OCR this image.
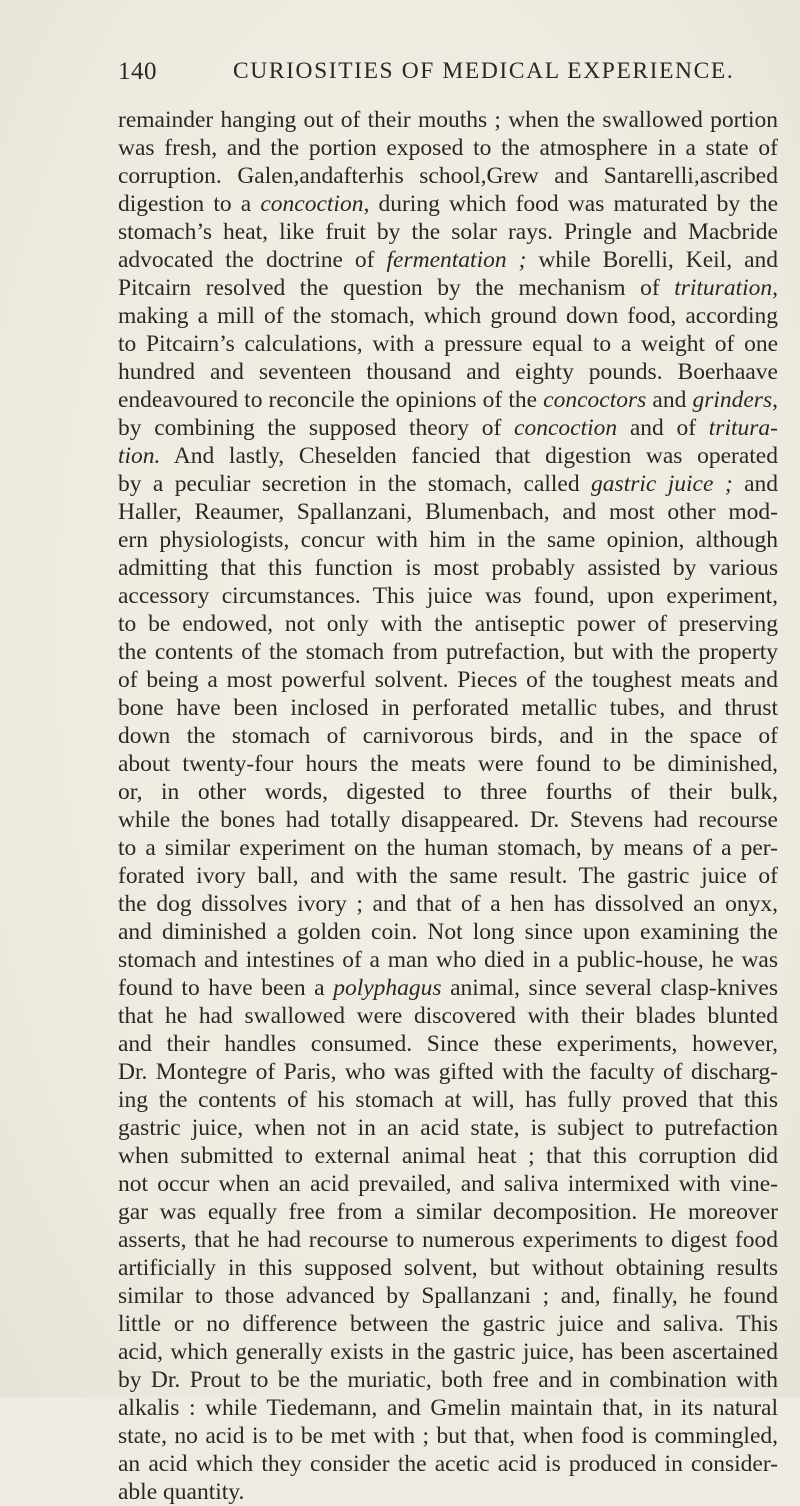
140	CURIOSITIES OF MEDICAL EXPERIENCE.
remainder hanging out of their mouths ; when the swallowed portion
was fresh, and the portion exposed to the atmosphere in a state of
corruption. Galen,andafterhis school,Grew and Santarelli,ascribed
digestion to a concoction, during which food was maturated by the
stomach’s heat, like fruit by the solar rays. Pringle and Macbride
advocated the doctrine of fermentation ; while Borelli, Keil, and
Pitcairn resolved the question by the mechanism of trituration,
making a mill of the stomach, which ground down food, according
to Pitcairn’s calculations, with a pressure equal to a weight of one
hundred and seventeen thousand and eighty pounds. Boerhaave
endeavoured to reconcile the opinions of the concoctors and grinders,
by combining the supposed theory of concoction and of tritura-
tion. And lastly, Cheselden fancied that digestion was operated
by a peculiar secretion in the stomach, called gastric juice ; and
Haller, Reaumer, Spallanzani, Blumenbach, and most other mod-
ern physiologists, concur with him in the same opinion, although
admitting that this function is most probably assisted by various
accessory circumstances. This juice was found, upon experiment,
to be endowed, not only with the antiseptic power of preserving
the contents of the stomach from putrefaction, but with the property
of being a most powerful solvent. Pieces of the toughest meats and
bone have been inclosed in perforated metallic tubes, and thrust
down the stomach of carnivorous birds, and in the space of
about twenty-four hours the meats were found to be diminished,
or, in other words, digested to three fourths of their bulk,
while the bones had totally disappeared. Dr. Stevens had recourse
to a similar experiment on the human stomach, by means of a per-
forated ivory ball, and with the same result. The gastric juice of
the dog dissolves ivory ; and that of a hen has dissolved an onyx,
and diminished a golden coin. Not long since upon examining the
stomach and intestines of a man who died in a public-house, he was
found to have been a polyphagus animal, since several clasp-knives
that he had swallowed were discovered with their blades blunted
and their handles consumed. Since these experiments, however,
Dr. Montegre of Paris, who was gifted with the faculty of discharg-
ing the contents of his stomach at will, has fully proved that this
gastric juice, when not in an acid state, is subject to putrefaction
when submitted to external animal heat ; that this corruption did
not occur when an acid prevailed, and saliva intermixed with vine-
gar was equally free from a similar decomposition. He moreover
asserts, that he had recourse to numerous experiments to digest food
artificially in this supposed solvent, but without obtaining results
similar to those advanced by Spallanzani ; and, finally, he found
little or no difference between the gastric juice and saliva. This
acid, which generally exists in the gastric juice, has been ascertained
by Dr. Prout to be the muriatic, both free and in combination with
alkalis : while Tiedemann, and Gmelin maintain that, in its natural
state, no acid is to be met with ; but that, when food is commingled,
an acid which they consider the acetic acid is produced in consider-
able quantity.
